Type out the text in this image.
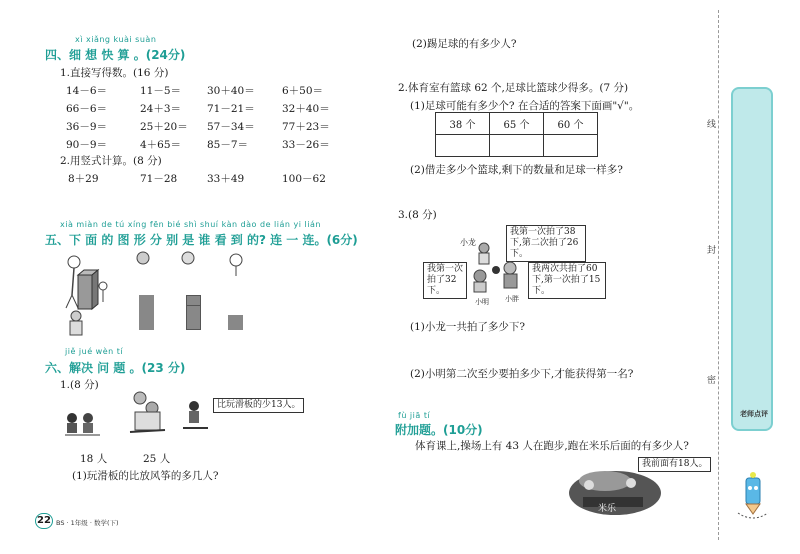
xì xiǎng kuài suàn
四、细 想 快 算 。(24分)
1.直接写得数。(16 分)
14－6＝	11－5＝ 30＋40＝	6＋50＝
66－6＝	24＋3＝ 71－21＝	32＋40＝
36－9＝	25＋20＝ 57－34＝	77＋23＝
90－9＝	4＋65＝ 85－7＝	33－26＝
2.用竖式计算。(8 分)
8＋29	71－28	33＋49	100－62
xià miàn de tú xíng fēn bié shì shuí kàn dào de lián yi lián
五、下 面 的 图 形 分 别 是 谁 看 到 的? 连 一 连。(6分)
jiě jué wèn tí
六、解决 问 题 。(23 分)
1.(8 分)
比玩滑板的少13人。
18 人	25 人
(1)玩滑板的比放风筝的多几人?
22 BS · 1年级 · 数学(下)
(2)踢足球的有多少人?
2.体育室有篮球 62 个,足球比篮球少得多。(7 分)
(1)足球可能有多少个? 在合适的答案下面画"√"。
38 个	65 个	60 个

(2)借走多少个篮球,剩下的数量和足球一样多?
3.(8 分)
小龙
我第一次拍了38下,第二次拍了26下。
我第一次拍了32下。
我两次共拍了60下,第一次拍了15下。
小明 小胖
(1)小龙一共拍了多少下?
(2)小明第二次至少要拍多少下,才能获得第一名?
fù jiā tí
附加题。(10分)
体育课上,操场上有 43 人在跑步,跑在米乐后面的有多少人?
我前面有18人。
米乐
线
封
密
老师点评
